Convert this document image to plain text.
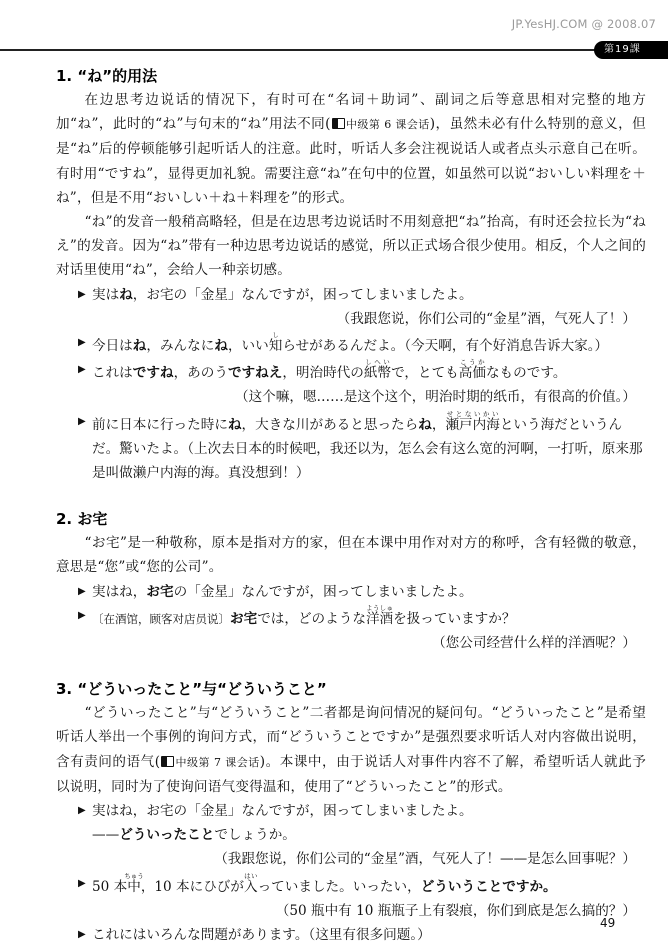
JP.YesHJ.COM @ 2008.07
第19課
1. “ね”的用法

在边思考边说话的情况下，有时可在“名词＋助词”、副词之后等意思相对完整的地方加“ね”，此时的“ね”与句末的“ね”用法不同( 中级第 6 课会话)，虽然未必有什么特别的意义，但是“ね”后的停顿能够引起听话人的注意。此时，听话人多会注视说话人或者点头示意自己在听。有时用“ですね”，显得更加礼貌。需要注意“ね”在句中的位置，如虽然可以说“おいしい料理を＋ね”，但是不用“おいしい＋ね＋料理を”的形式。

“ね”的发音一般稍高略轻，但是在边思考边说话时不用刻意把“ね”抬高，有时还会拉长为“ねえ”的发音。因为“ね”带有一种边思考边说话的感觉，所以正式场合很少使用。相反，个人之间的对话里使用“ね”，会给人一种亲切感。

▶ 実はね，お宅の「金星」なんですが，困ってしまいましたよ。
（我跟您说，你们公司的“金星”酒，气死人了！）
▶ 今日はね，みんなにね，いい知しらせがあるんだよ。（今天啊，有个好消息告诉大家。）
▶ これはですね，あのうですねえ，明治時代の紙幣しへいで，とても高価こうかなものです。
（这个嘛，嗯……是这个这个，明治时期的纸币，有很高的价值。）
▶ 前に日本に行った時にね，大きな川があると思ったらね，瀬戸内海せとないかいという海だというんだ。驚いたよ。（上次去日本的时候吧，我还以为，怎么会有这么宽的河啊，一打听，原来那是叫做濑户内海的海。真没想到！）
2. お宅

“お宅”是一种敬称，原本是指对方的家，但在本课中用作对对方的称呼，含有轻微的敬意，意思是“您”或“您的公司”。

▶ 実はね，お宅の「金星」なんですが，困ってしまいましたよ。
▶ 〔在酒馆，顾客对店员说〕お宅では，どのような洋酒ようしゅを扱っていますか？
（您公司经营什么样的洋酒呢？）
3. “どういったこと”与“どういうこと”

“どういったこと”与“どういうこと”二者都是询问情况的疑问句。“どういったこと”是希望听话人举出一个事例的询问方式，而“どういうことですか”是强烈要求听话人对内容做出说明，含有责问的语气( 中级第 7 课会话)。本课中，由于说话人对事件内容不了解，希望听话人就此予以说明，同时为了使询问语气变得温和，使用了“どういったこと”的形式。

▶ 実はね，お宅の「金星」なんですが，困ってしまいましたよ。
——どういったことでしょうか。
（我跟您说，你们公司的“金星”酒，气死人了！——是怎么回事呢？）
▶ 50 本中ちゅう，10 本にひびが入はいっていました。いったい，どういうことですか。
（50 瓶中有 10 瓶瓶子上有裂痕，你们到底是怎么搞的？）
▶ これにはいろんな問題があります。（这里有很多问题。）
49
